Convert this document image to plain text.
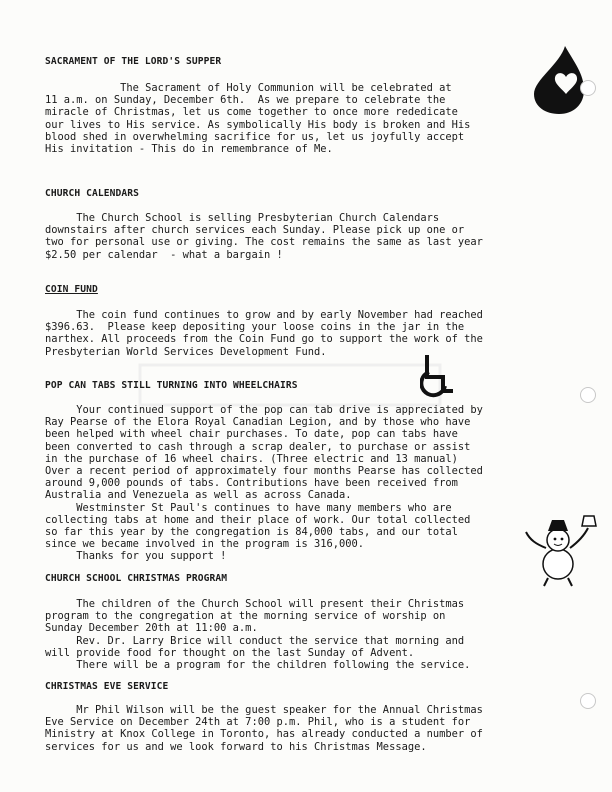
SACRAMENT OF THE LORD'S SUPPER

The Sacrament of Holy Communion will be celebrated at
11 a.m. on Sunday, December 6th.  As we prepare to celebrate the
miracle of Christmas, let us come together to once more rededicate
our lives to His service. As symbolically His body is broken and His
blood shed in overwhelming sacrifice for us, let us joyfully accept
His invitation - This do in remembrance of Me.

CHURCH CALENDARS

The Church School is selling Presbyterian Church Calendars
downstairs after church services each Sunday. Please pick up one or
two for personal use or giving. The cost remains the same as last year
$2.50 per calendar  - what a bargain !

COIN FUND

The coin fund continues to grow and by early November had reached
$396.63.  Please keep depositing your loose coins in the jar in the
narthex. All proceeds from the Coin Fund go to support the work of the
Presbyterian World Services Development Fund.

POP CAN TABS STILL TURNING INTO WHEELCHAIRS

Your continued support of the pop can tab drive is appreciated by
Ray Pearse of the Elora Royal Canadian Legion, and by those who have
been helped with wheel chair purchases. To date, pop can tabs have
been converted to cash through a scrap dealer, to purchase or assist
in the purchase of 16 wheel chairs. (Three electric and 13 manual)
Over a recent period of approximately four months Pearse has collected
around 9,000 pounds of tabs. Contributions have been received from
Australia and Venezuela as well as across Canada.
Westminster St Paul's continues to have many members who are
collecting tabs at home and their place of work. Our total collected
so far this year by the congregation is 84,000 tabs, and our total
since we became involved in the program is 316,000.
Thanks for you support !

CHURCH SCHOOL CHRISTMAS PROGRAM

The children of the Church School will present their Christmas
program to the congregation at the morning service of worship on
Sunday December 20th at 11:00 a.m.
Rev. Dr. Larry Brice will conduct the service that morning and
will provide food for thought on the last Sunday of Advent.
There will be a program for the children following the service.

CHRISTMAS EVE SERVICE

Mr Phil Wilson will be the guest speaker for the Annual Christmas
Eve Service on December 24th at 7:00 p.m. Phil, who is a student for
Ministry at Knox College in Toronto, has already conducted a number of
services for us and we look forward to his Christmas Message.
